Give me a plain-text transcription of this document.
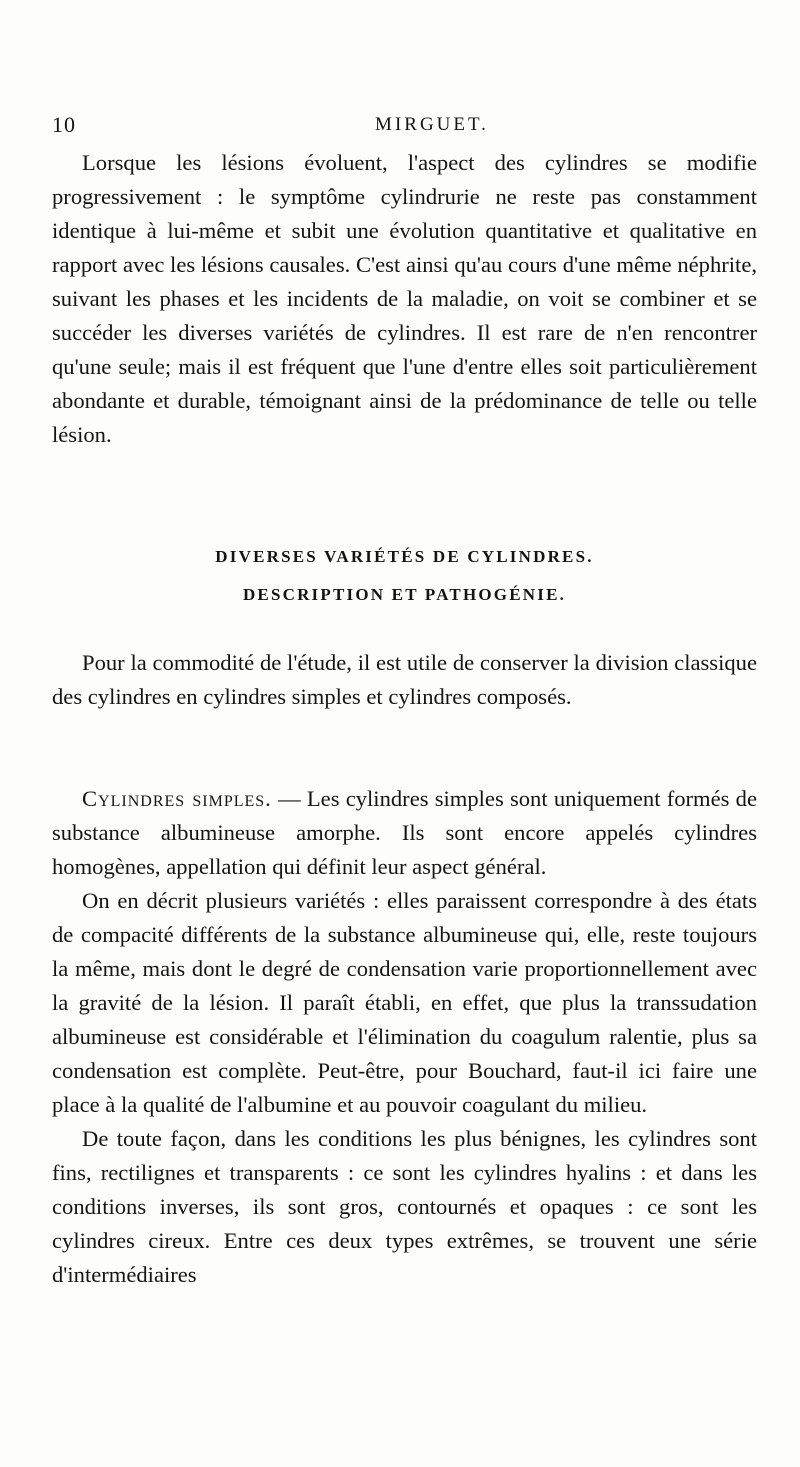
10	MIRGUET.

Lorsque les lésions évoluent, l'aspect des cylindres se modifie progressivement : le symptôme cylindrurie ne reste pas constamment identique à lui-même et subit une évolution quantitative et qualitative en rapport avec les lésions causales. C'est ainsi qu'au cours d'une même néphrite, suivant les phases et les incidents de la maladie, on voit se combiner et se succéder les diverses variétés de cylindres. Il est rare de n'en rencontrer qu'une seule; mais il est fréquent que l'une d'entre elles soit particulièrement abondante et durable, témoignant ainsi de la prédominance de telle ou telle lésion.

DIVERSES VARIÉTÉS DE CYLINDRES.
DESCRIPTION ET PATHOGÉNIE.

Pour la commodité de l'étude, il est utile de conserver la division classique des cylindres en cylindres simples et cylindres composés.

Cylindres simples. — Les cylindres simples sont uniquement formés de substance albumineuse amorphe. Ils sont encore appelés cylindres homogènes, appellation qui définit leur aspect général.

On en décrit plusieurs variétés : elles paraissent correspondre à des états de compacité différents de la substance albumineuse qui, elle, reste toujours la même, mais dont le degré de condensation varie proportionnellement avec la gravité de la lésion. Il paraît établi, en effet, que plus la transsudation albumineuse est considérable et l'élimination du coagulum ralentie, plus sa condensation est complète. Peut-être, pour Bouchard, faut-il ici faire une place à la qualité de l'albumine et au pouvoir coagulant du milieu.

De toute façon, dans les conditions les plus bénignes, les cylindres sont fins, rectilignes et transparents : ce sont les cylindres hyalins : et dans les conditions inverses, ils sont gros, contournés et opaques : ce sont les cylindres cireux. Entre ces deux types extrêmes, se trouvent une série d'intermédiaires
